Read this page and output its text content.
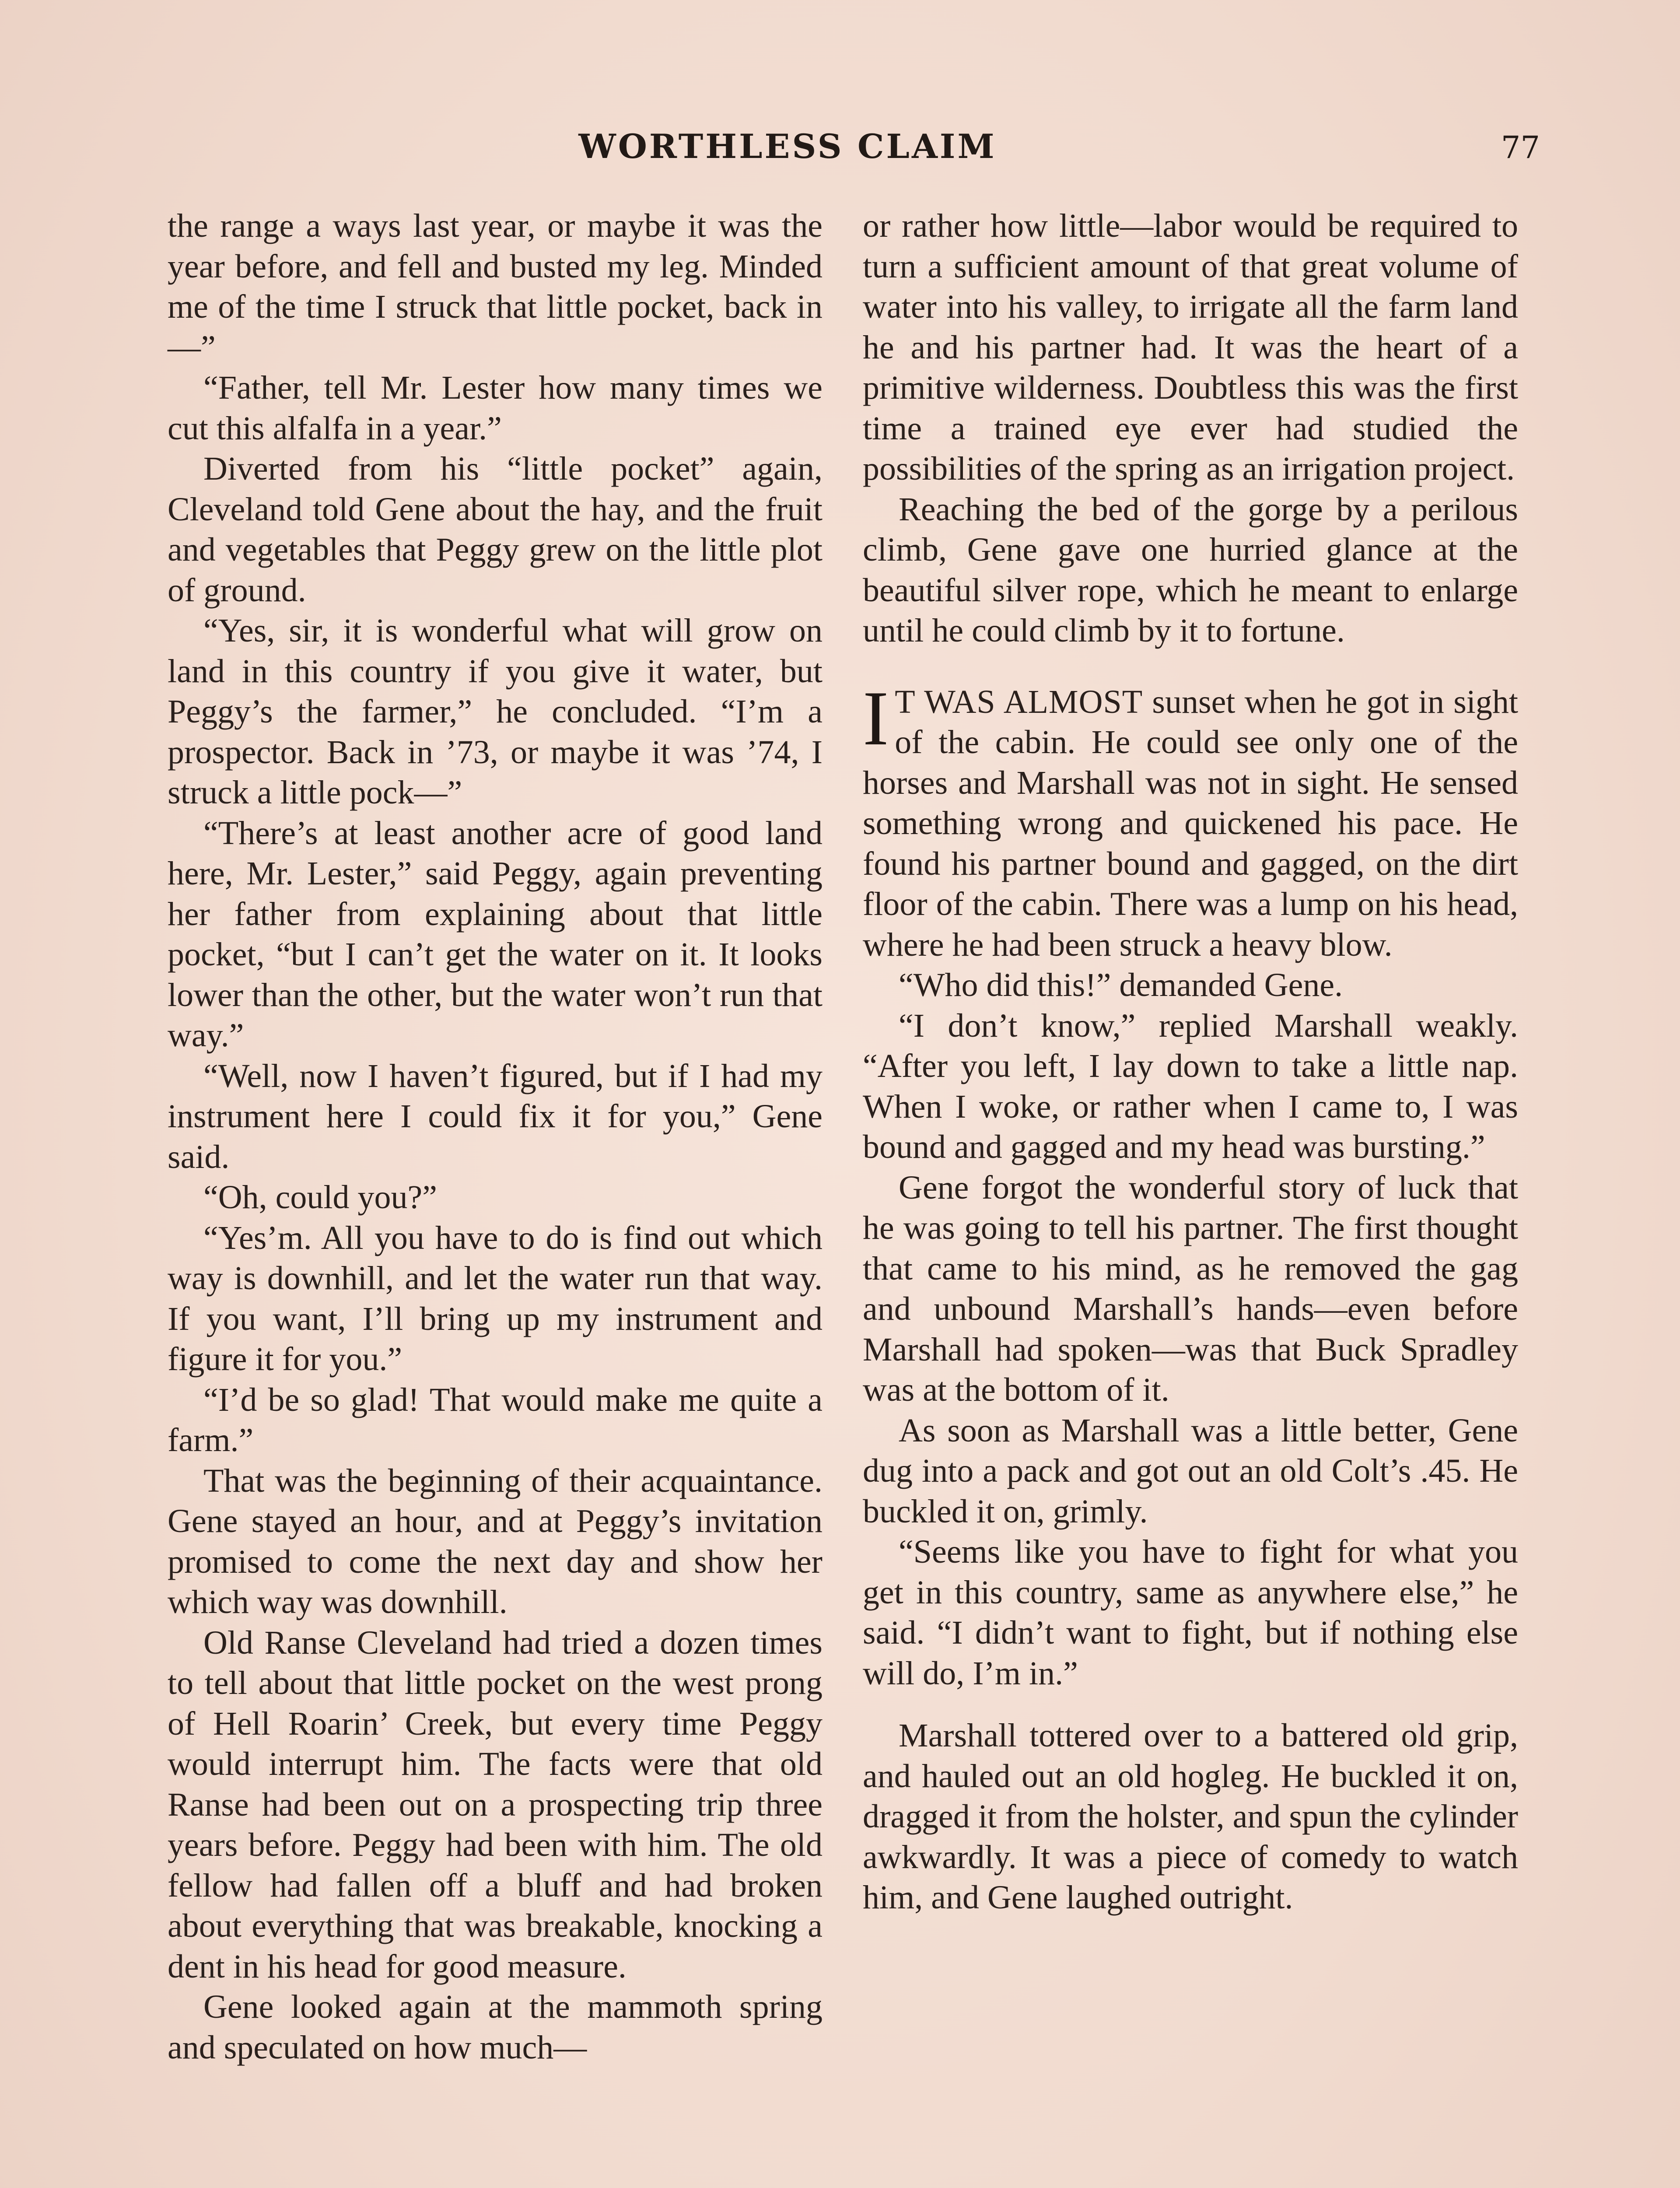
WORTHLESS CLAIM	77

the range a ways last year, or maybe it was the year before, and fell and busted my leg. Minded me of the time I struck that little pocket, back in—”

“Father, tell Mr. Lester how many times we cut this alfalfa in a year.”

Diverted from his “little pocket” again, Cleveland told Gene about the hay, and the fruit and vegetables that Peggy grew on the little plot of ground.

“Yes, sir, it is wonderful what will grow on land in this country if you give it water, but Peggy’s the farmer,” he concluded. “I’m a prospector. Back in ’73, or maybe it was ’74, I struck a little pock—”

“There’s at least another acre of good land here, Mr. Lester,” said Peggy, again preventing her father from explaining about that little pocket, “but I can’t get the water on it. It looks lower than the other, but the water won’t run that way.”

“Well, now I haven’t figured, but if I had my instrument here I could fix it for you,” Gene said.

“Oh, could you?”

“Yes’m. All you have to do is find out which way is downhill, and let the water run that way. If you want, I’ll bring up my instrument and figure it for you.”

“I’d be so glad! That would make me quite a farm.”

That was the beginning of their acquaintance. Gene stayed an hour, and at Peggy’s invitation promised to come the next day and show her which way was downhill.

Old Ranse Cleveland had tried a dozen times to tell about that little pocket on the west prong of Hell Roarin’ Creek, but every time Peggy would interrupt him. The facts were that old Ranse had been out on a prospecting trip three years before. Peggy had been with him. The old fellow had fallen off a bluff and had broken about everything that was breakable, knocking a dent in his head for good measure.

Gene looked again at the mammoth spring and speculated on how much—

or rather how little—labor would be required to turn a sufficient amount of that great volume of water into his valley, to irrigate all the farm land he and his partner had. It was the heart of a primitive wilderness. Doubtless this was the first time a trained eye ever had studied the possibilities of the spring as an irrigation project.

Reaching the bed of the gorge by a perilous climb, Gene gave one hurried glance at the beautiful silver rope, which he meant to enlarge until he could climb by it to fortune.

I T WAS ALMOST sunset when he got in sight of the cabin. He could see only one of the horses and Marshall was not in sight. He sensed something wrong and quickened his pace. He found his partner bound and gagged, on the dirt floor of the cabin. There was a lump on his head, where he had been struck a heavy blow.

“Who did this!” demanded Gene.

“I don’t know,” replied Marshall weakly. “After you left, I lay down to take a little nap. When I woke, or rather when I came to, I was bound and gagged and my head was bursting.”

Gene forgot the wonderful story of luck that he was going to tell his partner. The first thought that came to his mind, as he removed the gag and unbound Marshall’s hands—even before Marshall had spoken—was that Buck Spradley was at the bottom of it.

As soon as Marshall was a little better, Gene dug into a pack and got out an old Colt’s .45. He buckled it on, grimly.

“Seems like you have to fight for what you get in this country, same as anywhere else,” he said. “I didn’t want to fight, but if nothing else will do, I’m in.”

Marshall tottered over to a battered old grip, and hauled out an old hogleg. He buckled it on, dragged it from the holster, and spun the cylinder awkwardly. It was a piece of comedy to watch him, and Gene laughed outright.
